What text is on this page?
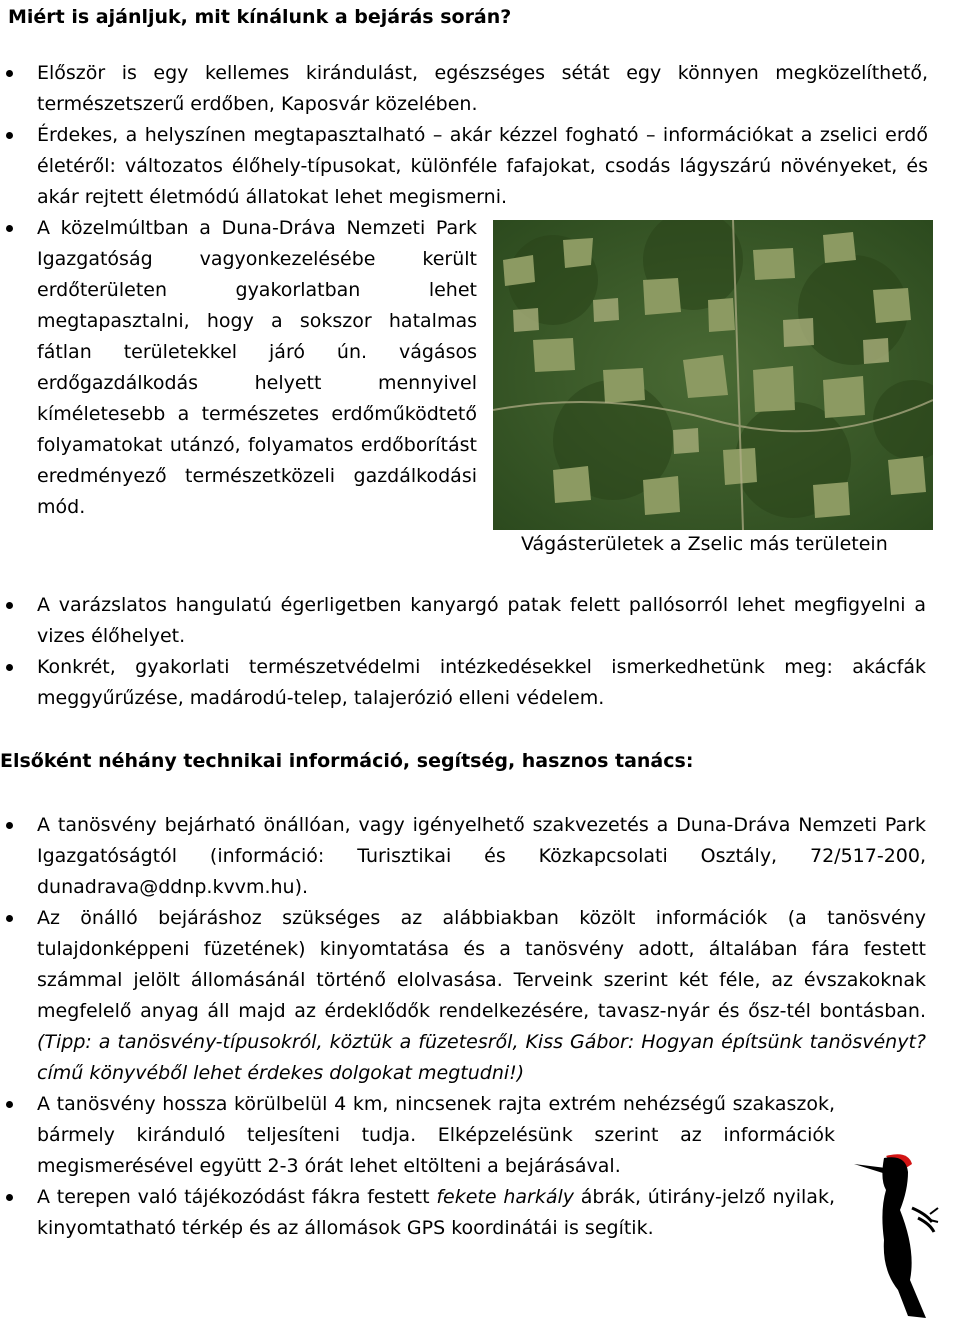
Miért is ajánljuk, mit kínálunk a bejárás során?
Először is egy kellemes kirándulást, egészséges sétát egy könnyen megközelíthető, természetszerű erdőben, Kaposvár közelében.
Érdekes, a helyszínen megtapasztalható – akár kézzel fogható – információkat a zselici erdő életéről: változatos élőhely-típusokat, különféle fafajokat, csodás lágyszárú növényeket, és akár rejtett életmódú állatokat lehet megismerni.
A közelmúltban a Duna-Dráva Nemzeti Park Igazgatóság vagyonkezelésébe került erdőterületen gyakorlatban lehet megtapasztalni, hogy a sokszor hatalmas fátlan területekkel járó ún. vágásos erdőgazdálkodás helyett mennyivel kíméletesebb a természetes erdőműködtető folyamatokat utánzó, folyamatos erdőborítást eredményező természetközeli gazdálkodási mód.
Vágásterületek a Zselic más területein
A varázslatos hangulatú égerligetben kanyargó patak felett pallósorról lehet megfigyelni a vizes élőhelyet.
Konkrét, gyakorlati természetvédelmi intézkedésekkel ismerkedhetünk meg: akácfák meggyűrűzése, madárodú-telep, talajerózió elleni védelem.
Elsőként néhány technikai információ, segítség, hasznos tanács:
A tanösvény bejárható önállóan, vagy igényelhető szakvezetés a Duna-Dráva Nemzeti Park Igazgatóságtól (információ: Turisztikai és Közkapcsolati Osztály, 72/517-200, dunadrava@ddnp.kvvm.hu).
Az önálló bejáráshoz szükséges az alábbiakban közölt információk (a tanösvény tulajdonképpeni füzetének) kinyomtatása és a tanösvény adott, általában fára festett számmal jelölt állomásánál történő elolvasása. Terveink szerint két féle, az évszakoknak megfelelő anyag áll majd az érdeklődők rendelkezésére, tavasz-nyár és ősz-tél bontásban. (Tipp: a tanösvény-típusokról, köztük a füzetesről, Kiss Gábor: Hogyan építsünk tanösvényt? című könyvéből lehet érdekes dolgokat megtudni!)
A tanösvény hossza körülbelül 4 km, nincsenek rajta extrém nehézségű szakaszok, bármely kiránduló teljesíteni tudja. Elképzelésünk szerint az információk megismerésével együtt 2-3 órát lehet eltölteni a bejárásával.
A terepen való tájékozódást fákra festett fekete harkály ábrák, útirány-jelző nyilak, kinyomtatható térkép és az állomások GPS koordinátái is segítik.
